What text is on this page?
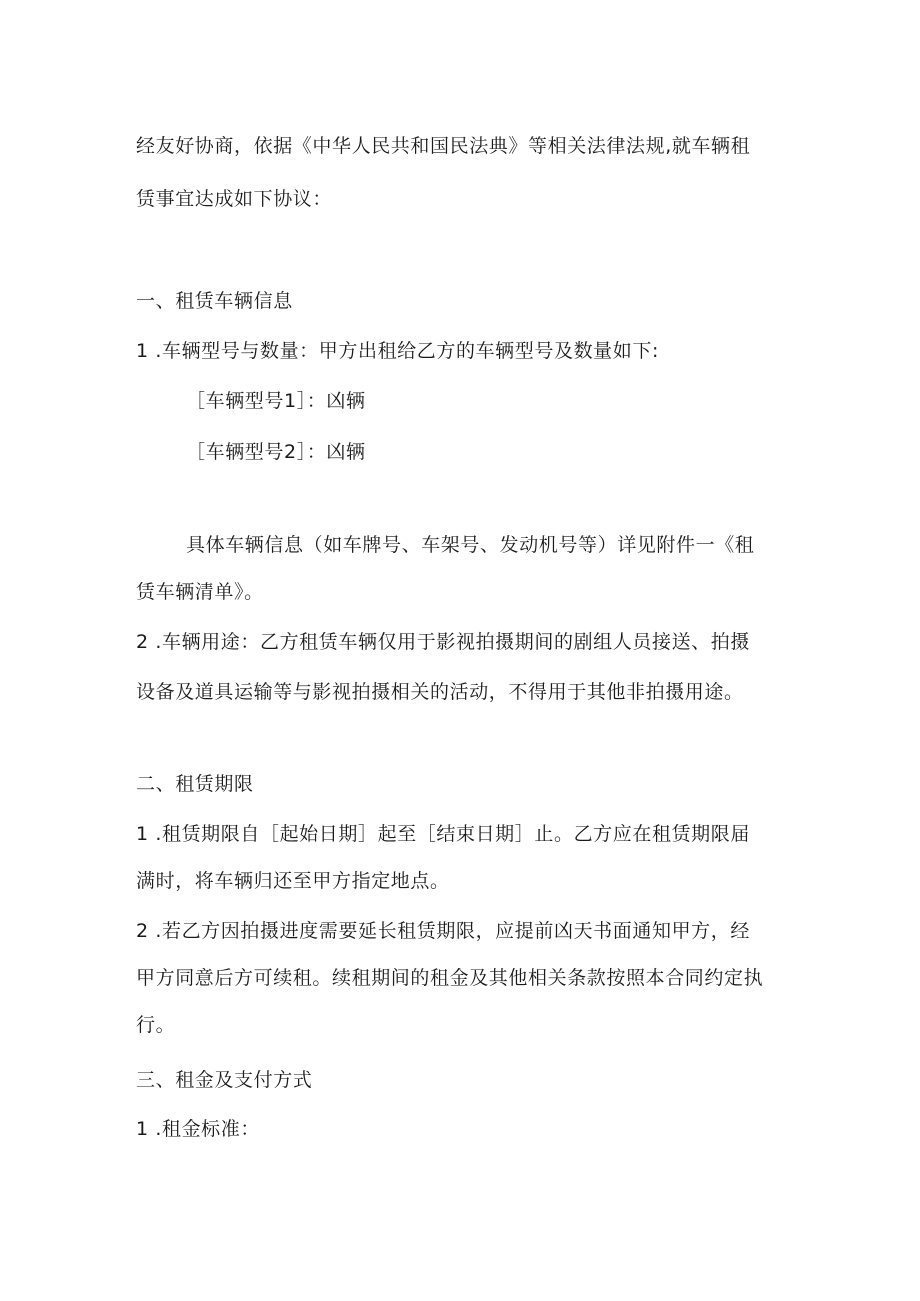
经友好协商，依据《中华人民共和国民法典》等相关法律法规,就车辆租
赁事宜达成如下协议：
一、租赁车辆信息
1 .车辆型号与数量：甲方出租给乙方的车辆型号及数量如下:
［车辆型号1］：凶辆
［车辆型号2］：凶辆
具体车辆信息（如车牌号、车架号、发动机号等）详见附件一《租
赁车辆清单》。
2 .车辆用途：乙方租赁车辆仅用于影视拍摄期间的剧组人员接送、拍摄
设备及道具运输等与影视拍摄相关的活动，不得用于其他非拍摄用途。
二、租赁期限
1 .租赁期限自［起始日期］起至［结束日期］止。乙方应在租赁期限届
满时，将车辆归还至甲方指定地点。
2 .若乙方因拍摄进度需要延长租赁期限，应提前凶天书面通知甲方，经
甲方同意后方可续租。续租期间的租金及其他相关条款按照本合同约定执
行。
三、租金及支付方式
1 .租金标准：
